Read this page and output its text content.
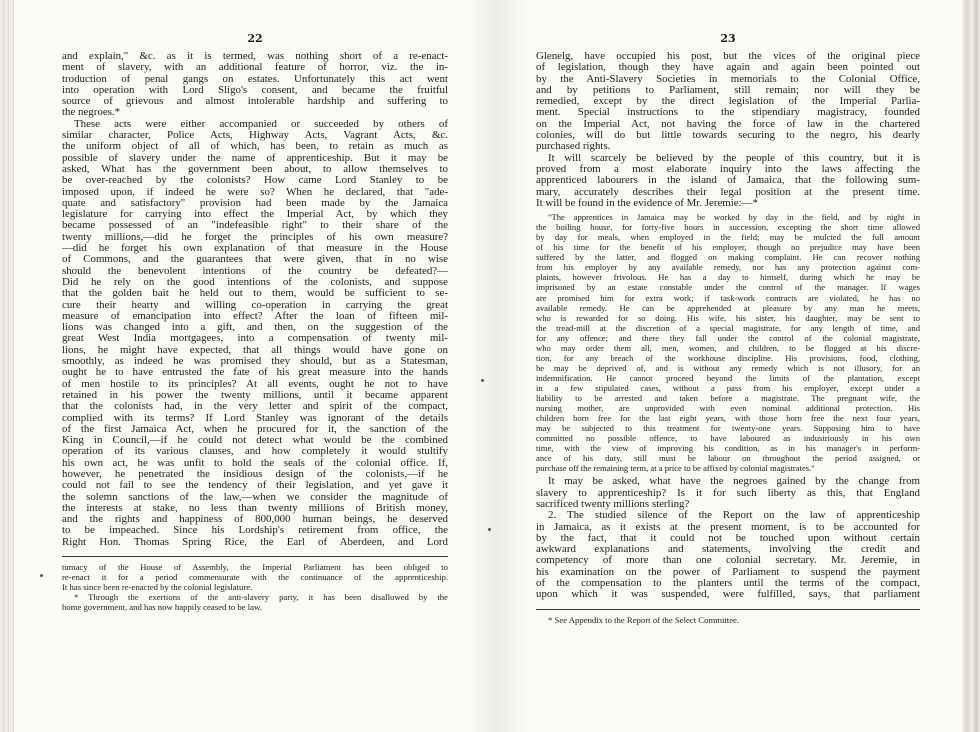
22
and explain," &c. as it is termed, was nothing short of a re-enact-
ment of slavery, with an additional feature of horror, viz. the in-
troduction of penal gangs on estates. Unfortunately this act went
into operation with Lord Sligo's consent, and became the fruitful
source of grievous and almost intolerable hardship and suffering to
the negroes.*
These acts were either accompanied or succeeded by others of
similar character, Police Acts, Highway Acts, Vagrant Acts, &c.
the uniform object of all of which, has been, to retain as much as
possible of slavery under the name of apprenticeship. But it may be
asked, What has the government been about, to allow themselves to
be over-reached by the colonists? How came Lord Stanley to be
imposed upon, if indeed he were so? When he declared, that "ade-
quate and satisfactory" provision had been made by the Jamaica
legislature for carrying into effect the Imperial Act, by which they
became possessed of an "indefeasible right" to their share of the
twenty millions,—did he forget the principles of his own measure?
—did he forget his own explanation of that measure in the House
of Commons, and the guarantees that were given, that in no wise
should the benevolent intentions of the country be defeated?—
Did he rely on the good intentions of the colonists, and suppose
that the golden bait he held out to them, would be sufficient to se-
cure their hearty and willing co-operation in carrying the great
measure of emancipation into effect? After the loan of fifteen mil-
lions was changed into a gift, and then, on the suggestion of the
great West India mortgagees, into a compensation of twenty mil-
lions, he might have expected, that all things would have gone on
smoothly, as indeed he was promised they should, but as a Statesman,
ought he to have entrusted the fate of his great measure into the hands
of men hostile to its principles? At all events, ought he not to have
retained in his power the twenty millions, until it became apparent
that the colonists had, in the very letter and spirit of the compact,
complied with its terms? If Lord Stanley was ignorant of the details
of the first Jamaica Act, when he procured for it, the sanction of the
King in Council,—if he could not detect what would be the combined
operation of its various clauses, and how completely it would stultify
his own act, he was unfit to hold the seals of the colonial office. If,
however, he penetrated the insidious design of the colonists,—if he
could not fail to see the tendency of their legislation, and yet gave it
the solemn sanctions of the law,—when we consider the magnitude of
the interests at stake, no less than twenty millions of British money,
and the rights and happiness of 800,000 human beings, he deserved
to be impeached. Since his Lordship's retirement from office, the
Right Hon. Thomas Spring Rice, the Earl of Aberdeen, and Lord
tumacy of the House of Assembly, the Imperial Parliament has been obliged to
re-enact it for a period commensurate with the continuance of the apprenticeship.
It has since been re-enacted by the colonial legislature.
* Through the exertions of the anti-slavery party, it has been disallowed by the
home government, and has now happily ceased to be law.
23
Glenelg, have occupied his post, but the vices of the original piece
of legislation, though they have again and again been pointed out
by the Anti-Slavery Societies in memorials to the Colonial Office,
and by petitions to Parliament, still remain; nor will they be
remedied, except by the direct legislation of the Imperial Parlia-
ment. Special instructions to the stipendiary magistracy, founded
on the Imperial Act, not having the force of law in the chartered
colonies, will do but little towards securing to the negro, his dearly
purchased rights.
It will scarcely be believed by the people of this country, but it is
proved from a most elaborate inquiry into the laws affecting the
apprenticed labourers in the island of Jamaica, that the following sum-
mary, accurately describes their legal position at the present time.
It will be found in the evidence of Mr. Jeremie:—*
"The apprentices in Jamaica may be worked by day in the field, and by night in
the boiling house, for forty-five hours in succession, excepting the short time allowed
by day for meals, when employed in the field; may be mulcted the full amount
of his time for the benefit of his employer, though no prejudice may have been
suffered by the latter, and flogged on making complaint. He can recover nothing
from his employer by any available remedy, nor has any protection against com-
plaints, however frivolous. He has a day to himself, during which he may be
imprisoned by an estate constable under the control of the manager. If wages
are promised him for extra work; if task-work contracts are violated, he has no
available remedy. He can be apprehended at pleasure by any man he meets,
who is rewarded for so doing. His wife, his sister, his daughter, may be sent to
the tread-mill at the discretion of a special magistrate, for any length of time, and
for any offence; and there they fall under the control of the colonial magistrate,
who may order them all, men, women, and children, to be flogged at his discre-
tion, for any breach of the workhouse discipline. His provisions, food, clothing,
he may be deprived of, and is without any remedy which is not illusory, for an
indemnification. He cannot proceed beyond the limits of the plantation, except
in a few stipulated cases, without a pass from his employer, except under a
liability to be arrested and taken before a magistrate. The pregnant wife, the
nursing mother, are unprovided with even nominal additional protection. His
children born free for the last eight years, with those born free the next four years,
may be subjected to this treatment for twenty-one years. Supposing him to have
committed no possible offence, to have laboured as industriously in his own
time, with the view of improving his condition, as in his manager's in perform-
ance of his duty, still must he labour on throughout the period assigned, or
purchase off the remaining term, at a price to be affixed by colonial magistrates."
It may be asked, what have the negroes gained by the change from
slavery to apprenticeship? Is it for such liberty as this, that England
sacrificed twenty millions sterling?
2. The studied silence of the Report on the law of apprenticeship
in Jamaica, as it exists at the present moment, is to be accounted for
by the fact, that it could not be touched upon without certain
awkward explanations and statements, involving the credit and
competency of more than one colonial secretary. Mr. Jeremie, in
his examination on the power of Parliament to suspend the payment
of the compensation to the planters until the terms of the compact,
upon which it was suspended, were fulfilled, says, that parliament
* See Appendix to the Report of the Select Committee.
